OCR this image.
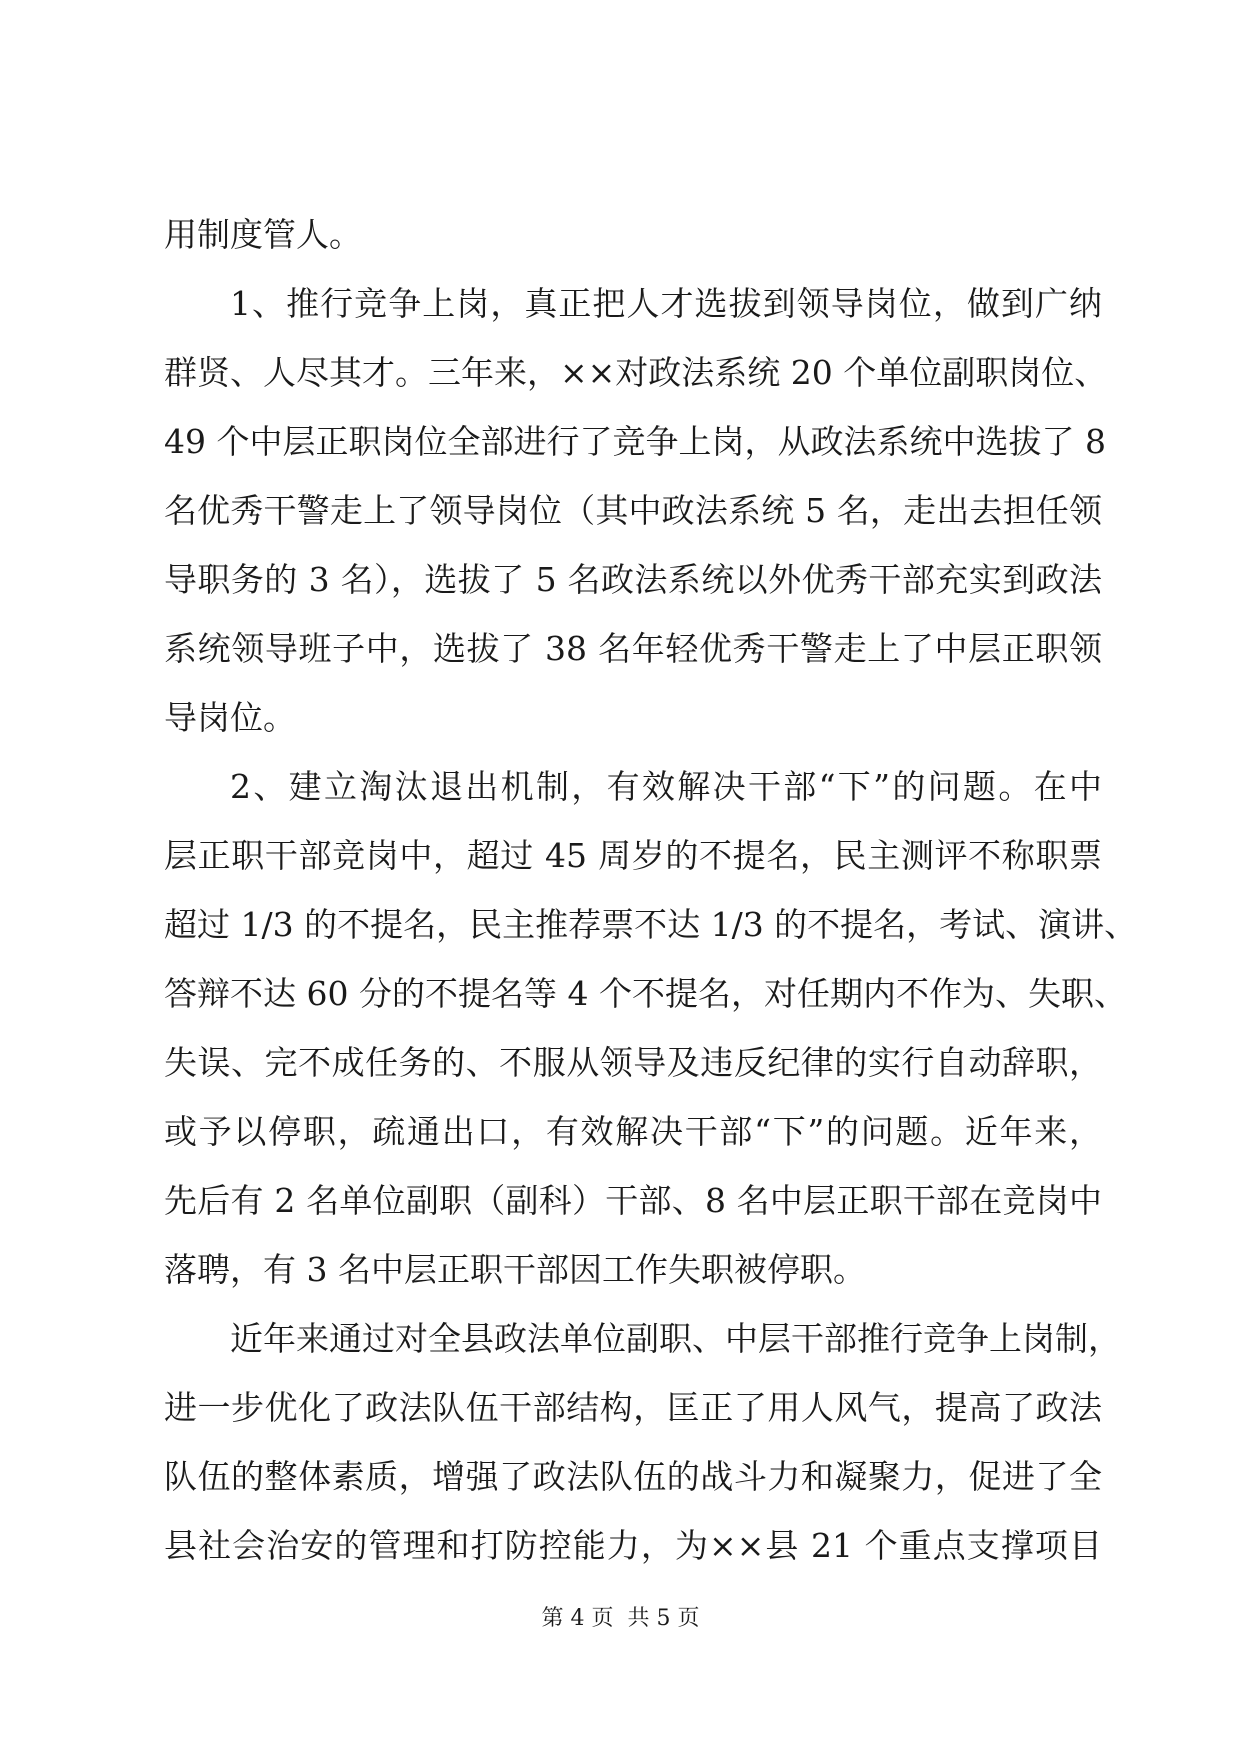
用制度管人。
1、推行竞争上岗，真正把人才选拔到领导岗位，做到广纳
群贤、人尽其才。三年来，××对政法系统 20 个单位副职岗位、
49 个中层正职岗位全部进行了竞争上岗，从政法系统中选拔了 8
名优秀干警走上了领导岗位（其中政法系统 5 名，走出去担任领
导职务的 3 名），选拔了 5 名政法系统以外优秀干部充实到政法
系统领导班子中，选拔了 38 名年轻优秀干警走上了中层正职领
导岗位。
2、建立淘汰退出机制，有效解决干部“下”的问题。在中
层正职干部竞岗中，超过 45 周岁的不提名，民主测评不称职票
超过 1/3 的不提名，民主推荐票不达 1/3 的不提名，考试、演讲、
答辩不达 60 分的不提名等 4 个不提名，对任期内不作为、失职、
失误、完不成任务的、不服从领导及违反纪律的实行自动辞职，
或予以停职，疏通出口，有效解决干部“下”的问题。近年来，
先后有 2 名单位副职（副科）干部、8 名中层正职干部在竞岗中
落聘，有 3 名中层正职干部因工作失职被停职。
近年来通过对全县政法单位副职、中层干部推行竞争上岗制，
进一步优化了政法队伍干部结构，匡正了用人风气，提高了政法
队伍的整体素质，增强了政法队伍的战斗力和凝聚力，促进了全
县社会治安的管理和打防控能力，为××县 21 个重点支撑项目
第 4 页  共 5 页
